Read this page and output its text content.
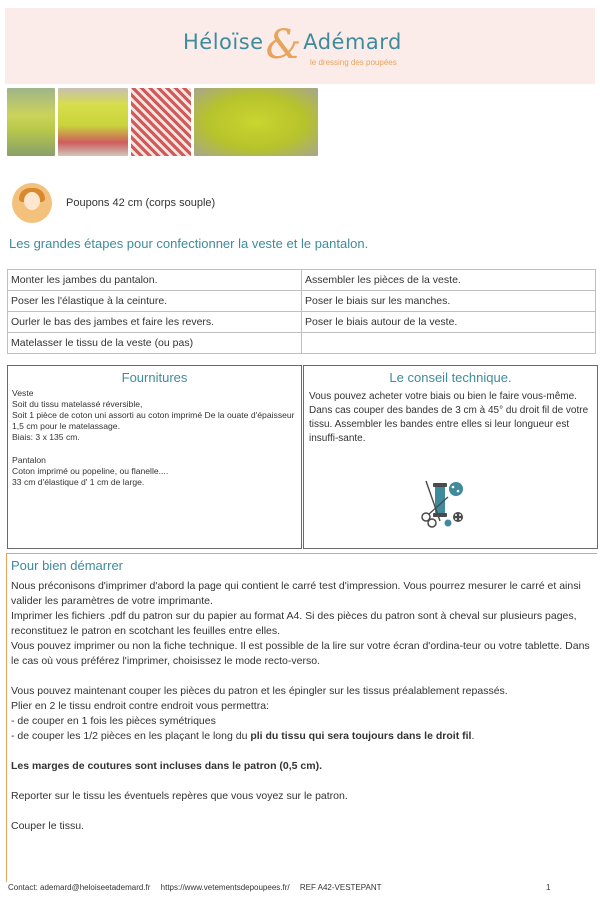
Héloïse & Adémard
le dressing des poupées
Poupons 42 cm (corps souple)
Les grandes étapes pour confectionner la veste et le pantalon.
Monter les jambes du pantalon.	Assembler les pièces de la veste.
Poser les l'élastique à la ceinture.	Poser le biais sur les manches.
Ourler le bas des jambes et faire les revers.	Poser le biais autour de la veste.
Matelasser le tissu de la veste (ou pas)	
Fournitures

Veste
Soit du tissu matelassé réversible,
Soit 1 pièce de coton uni assorti au coton imprimé De la ouate d'épaisseur 1,5 cm pour le matelassage.
Biais: 3 x 135 cm.

Pantalon
Coton imprimé ou popeline, ou flanelle....
33 cm d'élastique d' 1 cm de large.

Le conseil technique.
Vous pouvez acheter votre biais ou bien le faire vous-même. Dans cas couper des bandes de 3 cm à 45° du droit fil de votre tissu. Assembler les bandes entre elles si leur longueur est insuffi-sante.
Pour bien démarrer

Nous préconisons d'imprimer d'abord la page qui contient le carré test d'impression. Vous pourrez mesurer le carré et ainsi valider les paramètres de votre imprimante.

Imprimer les fichiers .pdf du patron sur du papier au format A4. Si des pièces du patron sont à cheval sur plusieurs pages, reconstituez le patron en scotchant les feuilles entre elles.

Vous pouvez imprimer ou non la fiche technique. Il est possible de la lire sur votre écran d'ordina-teur ou votre tablette. Dans le cas où vous préférez l'imprimer, choisissez le mode recto-verso.

Vous pouvez maintenant couper les pièces du patron et les épingler sur les tissus préalablement repassés.

Plier en 2 le tissu endroit contre endroit vous permettra:

- de couper en 1 fois les pièces symétriques

- de couper les 1/2 pièces en les plaçant le long du pli du tissu qui sera toujours dans le droit fil.

Les marges de coutures sont incluses dans le patron (0,5 cm).

Reporter sur le tissu les éventuels repères que vous voyez sur le patron.

Couper le tissu.

Contact: ademard@heloiseetademard.fr https://www.vetementsdepoupees.fr/ REF A42-VESTEPANT	1
